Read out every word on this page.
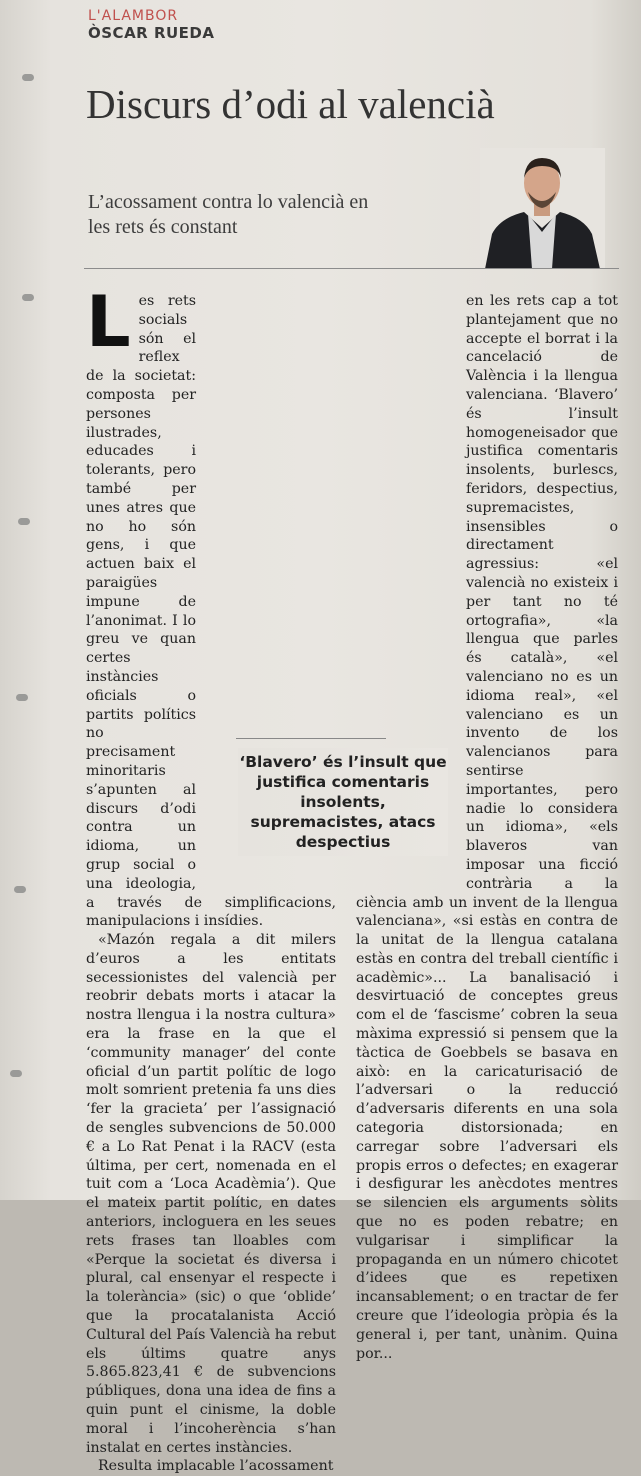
L'ALAMBOR
ÒSCAR RUEDA
Discurs d’odi al valencià
L’acossament contra lo valencià en les rets és constant

Les rets socials són el reflex de la societat: composta per persones ilustrades, educades i tolerants, pero també per unes atres que no ho són gens, i que actuen baix el paraigües impune de l’anonimat. I lo greu ve quan certes instàncies oficials o partits polítics no precisament minoritaris s’apunten al discurs d’odi contra un idioma, un grup social o una ideologia, a través de simplificacions, manipulacions i insídies.

«Mazón regala a dit milers d’euros a les entitats secessionistes del valencià per reobrir debats morts i atacar la nostra llengua i la nostra cultura» era la frase en la que el ‘community manager’ del conte oficial d’un partit polític de logo molt somrient pretenia fa uns dies ‘fer la gracieta’ per l’assignació de sengles subvencions de 50.000 € a Lo Rat Penat i la RACV (esta última, per cert, nomenada en el tuit com a ‘Loca Acadèmia’). Que el mateix partit polític, en dates anteriors, incloguera en les seues rets frases tan lloables com «Perque la societat és diversa i plural, cal ensenyar el respecte i la tolerància» (sic) o que ‘oblide’ que la procatalanista Acció Cultural del País Valencià ha rebut els últims quatre anys 5.865.823,41 € de subvencions públiques, dona una idea de fins a quin punt el cinisme, la doble moral i l’incoherència s’han instalat en certes instàncies.

Resulta implacable l’acossament

en les rets cap a tot plantejament que no accepte el borrat i la cancelació de València i la llengua valenciana. ‘Blavero’ és l’insult homogeneisador que justifica comentaris insolents, burlescs, feridors, despectius, supremacistes, insensibles o directament agressius: «el valencià no existeix i per tant no té ortografia», «la llengua que parles és català», «el valenciano no es un idioma real», «el valenciano es un invento de los valencianos para sentirse importantes, pero nadie lo considera un idioma», «els blaveros van imposar una ficció contrària a la ciència amb un invent de la llengua valenciana», «si estàs en contra de la unitat de la llengua catalana estàs en contra del treball científic i acadèmic»... La banalisació i desvirtuació de conceptes greus com el de ‘fascisme’ cobren la seua màxima expressió si pensem que la tàctica de Goebbels se basava en això: en la caricaturisació de l’adversari o la reducció d’adversaris diferents en una sola categoria distorsionada; en carregar sobre l’adversari els propis erros o defectes; en exagerar i desfigurar les anècdotes mentres se silencien els arguments sòlits que no es poden rebatre; en vulgarisar i simplificar la propaganda en un número chicotet d’idees que es repetixen incansablement; o en tractar de fer creure que l’ideologia pròpia és la general i, per tant, unànim. Quina por...

‘Blavero’ és l’insult que justifica comentaris insolents, supremacistes, atacs despectius
